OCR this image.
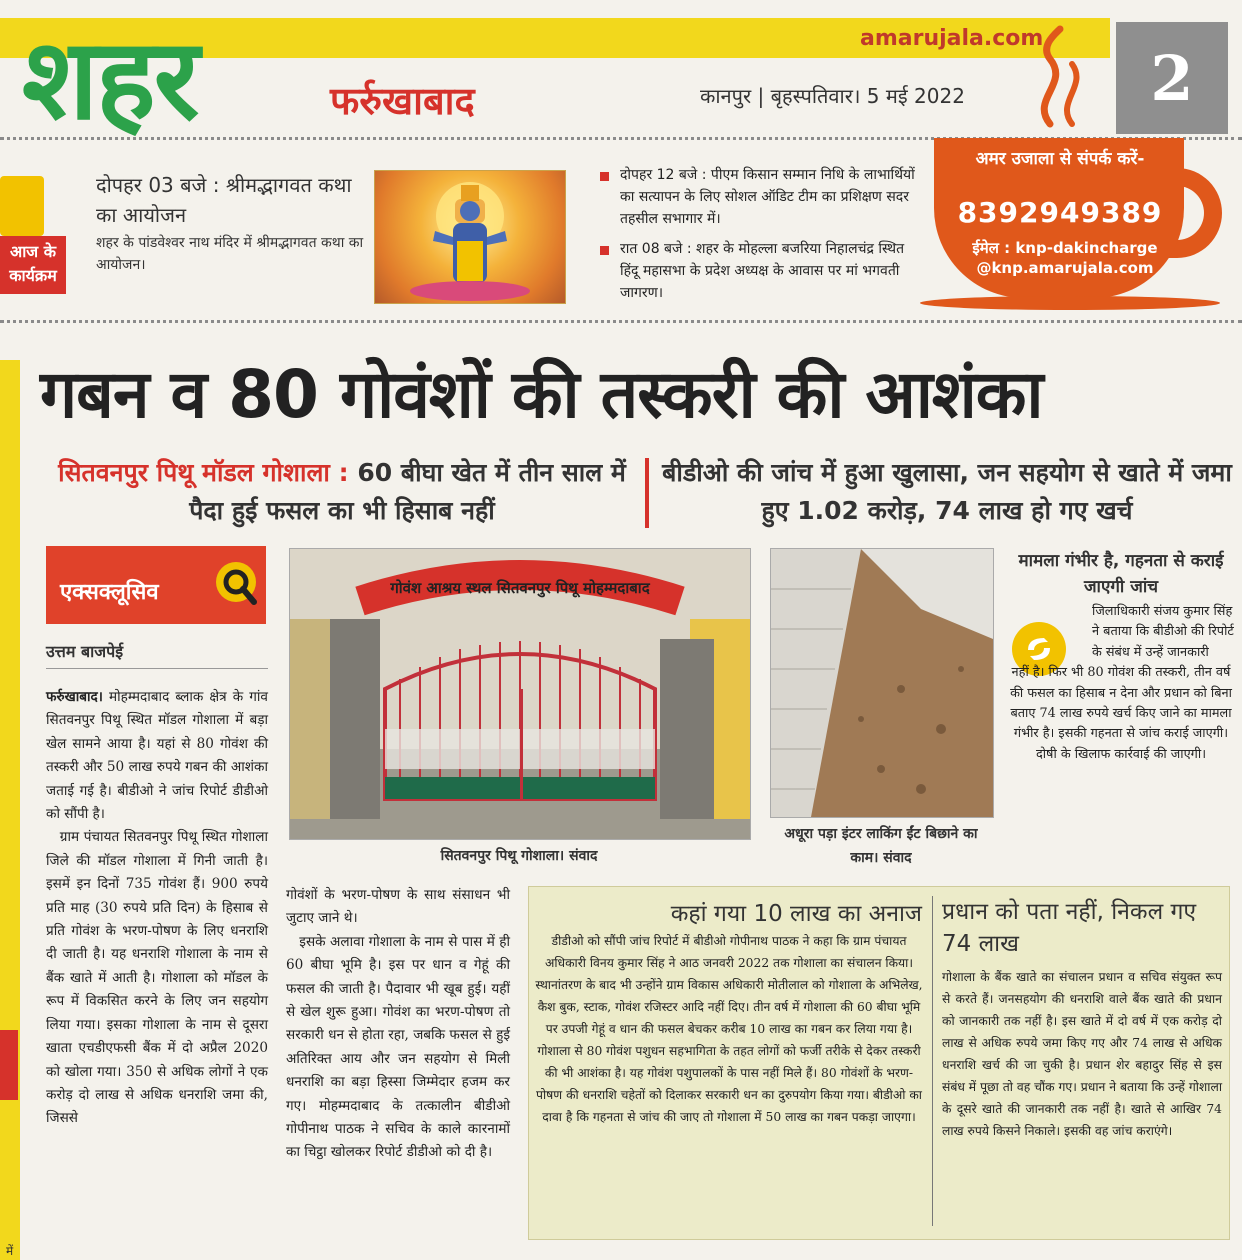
शहर	फर्रुखाबाद
amarujala.com
कानपुर | बृहस्पतिवार। 5 मई 2022	2
आज के
कार्यक्रम
दोपहर 03 बजे : श्रीमद्भागवत कथा का आयोजन
शहर के पांडवेश्वर नाथ मंदिर में श्रीमद्भागवत कथा का आयोजन।
दोपहर 12 बजे : पीएम किसान सम्मान निधि के लाभार्थियों का सत्यापन के लिए सोशल ऑडिट टीम का प्रशिक्षण सदर तहसील सभागार में।
रात 08 बजे : शहर के मोहल्ला बजरिया निहालचंद्र स्थित हिंदू महासभा के प्रदेश अध्यक्ष के आवास पर मां भगवती जागरण।
अमर उजाला से संपर्क करें-
8392949389
ईमेल : knp-dakincharge @knp.amarujala.com
गबन व 80 गोवंशों की तस्करी की आशंका
सितवनपुर पिथू मॉडल गोशाला : 60 बीघा खेत में तीन साल में पैदा हुई फसल का भी हिसाब नहीं
बीडीओ की जांच में हुआ खुलासा, जन सहयोग से खाते में जमा हुए 1.02 करोड़, 74 लाख हो गए खर्च
एक्सक्लूसिव
उत्तम बाजपेई
फर्रुखाबाद। मोहम्मदाबाद ब्लाक क्षेत्र के गांव सितवनपुर पिथू स्थित मॉडल गोशाला में बड़ा खेल सामने आया है। यहां से 80 गोवंश की तस्करी और 50 लाख रुपये गबन की आशंका जताई गई है। बीडीओ ने जांच रिपोर्ट डीडीओ को सौंपी है।
ग्राम पंचायत सितवनपुर पिथू स्थित गोशाला जिले की मॉडल गोशाला में गिनी जाती है। इसमें इन दिनों 735 गोवंश हैं। 900 रुपये प्रति माह (30 रुपये प्रति दिन) के हिसाब से प्रति गोवंश के भरण-पोषण के लिए धनराशि दी जाती है। यह धनराशि गोशाला के नाम से बैंक खाते में आती है। गोशाला को मॉडल के रूप में विकसित करने के लिए जन सहयोग लिया गया। इसका गोशाला के नाम से दूसरा खाता एचडीएफसी बैंक में दो अप्रैल 2020 को खोला गया। 350 से अधिक लोगों ने एक करोड़ दो लाख से अधिक धनराशि जमा की, जिससे
गोवंशों के भरण-पोषण के साथ संसाधन भी जुटाए जाने थे।
इसके अलावा गोशाला के नाम से पास में ही 60 बीघा भूमि है। इस पर धान व गेहूं की फसल की जाती है। पैदावार भी खूब हुई। यहीं से खेल शुरू हुआ। गोवंश का भरण-पोषण तो सरकारी धन से होता रहा, जबकि फसल से हुई अतिरिक्त आय और जन सहयोग से मिली धनराशि का बड़ा हिस्सा जिम्मेदार हजम कर गए। मोहम्मदाबाद के तत्कालीन बीडीओ गोपीनाथ पाठक ने सचिव के काले कारनामों का चिट्ठा खोलकर रिपोर्ट डीडीओ को दी है।
गोवंश आश्रय स्थल सितवनपुर पिथू मोहम्मदाबाद
सितवनपुर पिथू गोशाला। संवाद
अधूरा पड़ा इंटर लाकिंग ईंट बिछाने का काम। संवाद
मामला गंभीर है, गहनता से कराई जाएगी जांच
जिलाधिकारी संजय कुमार सिंह ने बताया कि बीडीओ की रिपोर्ट के संबंध में उन्हें जानकारी
नहीं है। फिर भी 80 गोवंश की तस्करी, तीन वर्ष की फसल का हिसाब न देना और प्रधान को बिना बताए 74 लाख रुपये खर्च किए जाने का मामला गंभीर है। इसकी गहनता से जांच कराई जाएगी। दोषी के खिलाफ कार्रवाई की जाएगी।
कहां गया 10 लाख का अनाज
डीडीओ को सौंपी जांच रिपोर्ट में बीडीओ गोपीनाथ पाठक ने कहा कि ग्राम पंचायत अधिकारी विनय कुमार सिंह ने आठ जनवरी 2022 तक गोशाला का संचालन किया। स्थानांतरण के बाद भी उन्होंने ग्राम विकास अधिकारी मोतीलाल को गोशाला के अभिलेख, कैश बुक, स्टाक, गोवंश रजिस्टर आदि नहीं दिए। तीन वर्ष में गोशाला की 60 बीघा भूमि पर उपजी गेहूं व धान की फसल बेचकर करीब 10 लाख का गबन कर लिया गया है। गोशाला से 80 गोवंश पशुधन सहभागिता के तहत लोगों को फर्जी तरीके से देकर तस्करी की भी आशंका है। यह गोवंश पशुपालकों के पास नहीं मिले हैं। 80 गोवंशों के भरण-पोषण की धनराशि चहेतों को दिलाकर सरकारी धन का दुरुपयोग किया गया। बीडीओ का दावा है कि गहनता से जांच की जाए तो गोशाला में 50 लाख का गबन पकड़ा जाएगा।
प्रधान को पता नहीं, निकल गए 74 लाख
गोशाला के बैंक खाते का संचालन प्रधान व सचिव संयुक्त रूप से करते हैं। जनसहयोग की धनराशि वाले बैंक खाते की प्रधान को जानकारी तक नहीं है। इस खाते में दो वर्ष में एक करोड़ दो लाख से अधिक रुपये जमा किए गए और 74 लाख से अधिक धनराशि खर्च की जा चुकी है। प्रधान शेर बहादुर सिंह से इस संबंध में पूछा तो वह चौंक गए। प्रधान ने बताया कि उन्हें गोशाला के दूसरे खाते की जानकारी तक नहीं है। खाते से आखिर 74 लाख रुपये किसने निकाले। इसकी वह जांच कराएंगे।
में
